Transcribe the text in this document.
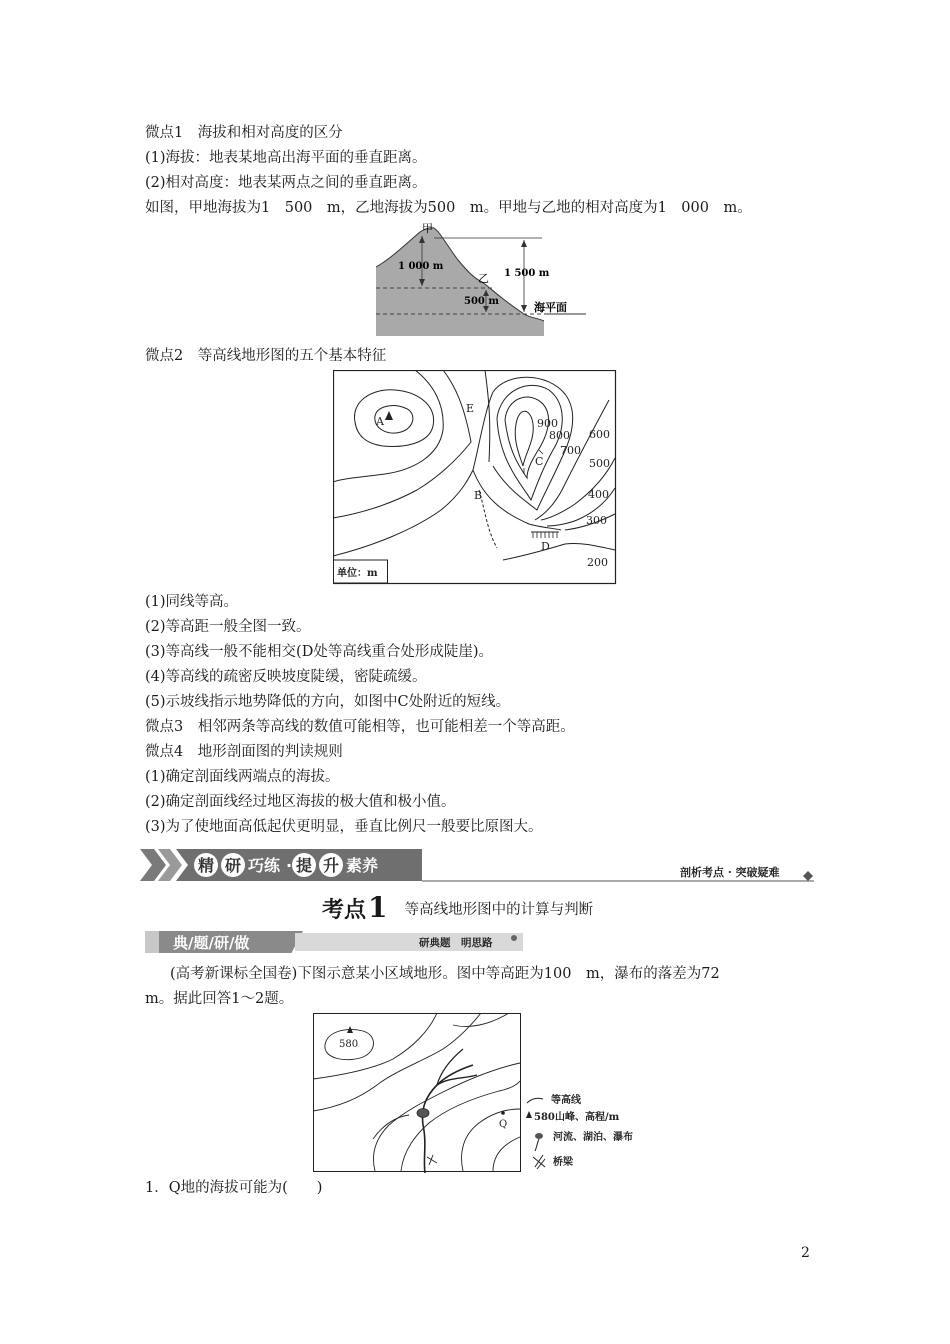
微点1　海拔和相对高度的区分
(1)海拔：地表某地高出海平面的垂直距离。
(2)相对高度：地表某两点之间的垂直距离。
如图，甲地海拔为1　500　m，乙地海拔为500　m。甲地与乙地的相对高度为1　000　m。
甲
乙
1 000 m
1 500 m
500 m	海平面
微点2　等高线地形图的五个基本特征
A
B
C
D
E
900
800
700
600
500
400
300
200
单位：m
(1)同线等高。
(2)等高距一般全图一致。
(3)等高线一般不能相交(D处等高线重合处形成陡崖)。
(4)等高线的疏密反映坡度陡缓，密陡疏缓。
(5)示坡线指示地势降低的方向，如图中C处附近的短线。
微点3　相邻两条等高线的数值可能相等，也可能相差一个等高距。
微点4　地形剖面图的判读规则
(1)确定剖面线两端点的海拔。
(2)确定剖面线经过地区海拔的极大值和极小值。
(3)为了使地面高低起伏更明显，垂直比例尺一般要比原图大。
精 研 巧练 · 提 升 素养	剖析考点 · 突破疑难
考点1 等高线地形图中的计算与判断
典/题/研/做	研典题　明思路
(高考新课标全国卷)下图示意某小区域地形。图中等高距为100　m，瀑布的落差为72
m。据此回答1～2题。
580
Q
等高线
580 山峰、高程/m
河流、湖泊、瀑布
桥梁
1．Q地的海拔可能为(　　)
2
